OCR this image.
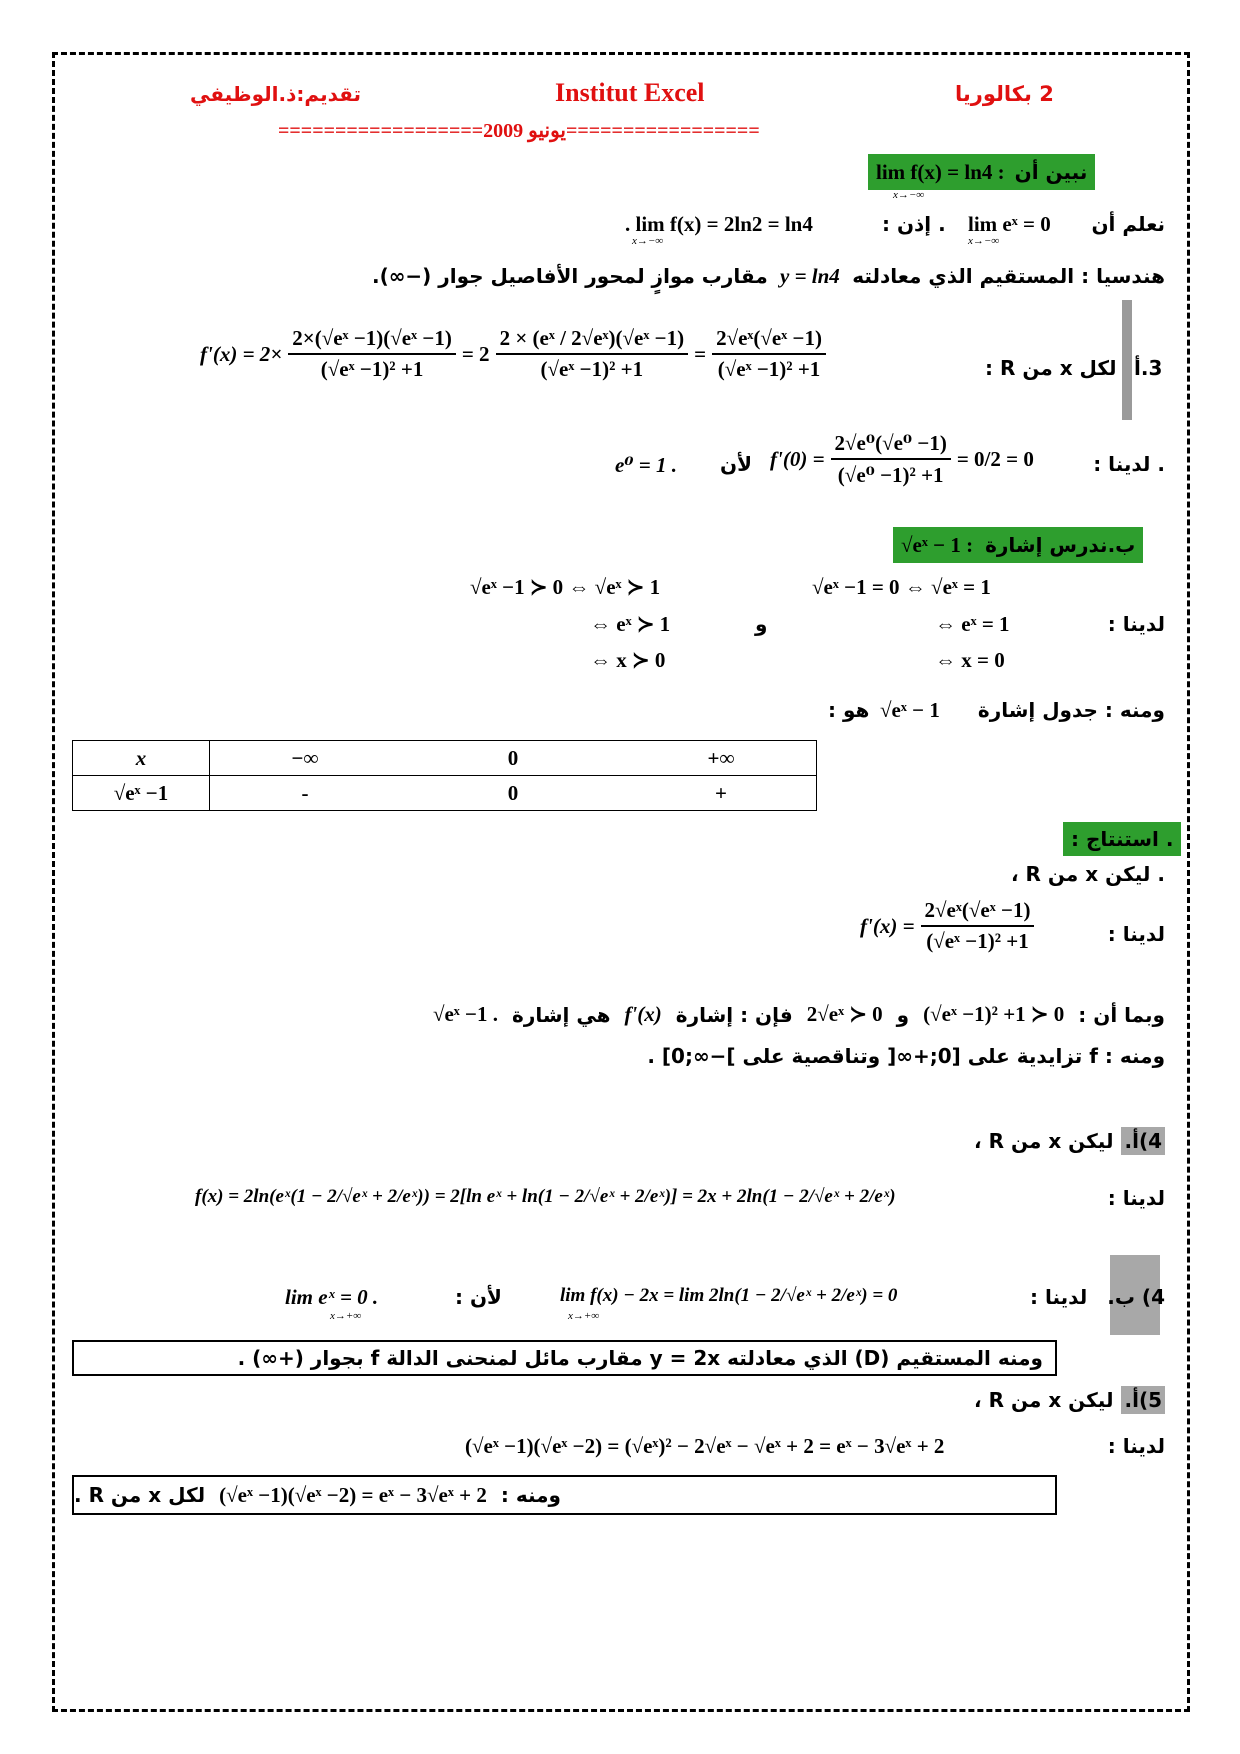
تقديم:ذ.الوظيفي	Institut Excel	2 بكالوريا
=================يونيو 2009==================
نبين أن
lim f(x) = ln4 :
x→−∞
نعلم أن
lim eˣ = 0
. إذن :
. lim f(x) = 2ln2 = ln4
x→−∞	x→−∞
هندسيا : المستقيم الذي معادلته
y = ln4
مقارب موازٍ لمحور الأفاصيل جوار (−∞).
3.أ
لكل x من R :
$f'(x) = 2\times \frac{\text{2×(√eˣ −1)(√eˣ −1)}}{\text{(√eˣ −1)² +1}} = 2 \frac{\text{2 × (eˣ / 2√eˣ)(√eˣ −1)}}{\text{(√eˣ −1)² +1}} = \frac{\text{2√eˣ(√eˣ −1)}}{\text{(√eˣ −1)² +1}}$
. لدينا :
$f'(0) = \frac{\text{2√e⁰(√e⁰ −1)}}{\text{(√e⁰ −1)² +1}} = 0/2 = 0$
لأن
e⁰ = 1 .
ب.ندرس إشارة
√eˣ − 1 :
√eˣ −1 = 0 ⇔ √eˣ = 1
√eˣ −1 ≻ 0 ⇔ √eˣ ≻ 1
لدينا :
⇔ eˣ = 1
و
⇔ eˣ ≻ 1
⇔ x = 0
⇔ x ≻ 0
ومنه : جدول إشارة
√eˣ − 1
هو :
x	−∞	0	+∞
√eˣ −1	-	0	+
. استنتاج :
. ليكن x من R ،
لدينا :
$f'(x) = \frac{\text{2√eˣ(√eˣ −1)}}{\text{(√eˣ −1)² +1}}$
وبما أن :
(√eˣ −1)² +1 ≻ 0
و
2√eˣ ≻ 0
فإن : إشارة
f'(x)
هي إشارة
√eˣ −1 .
ومنه : f تزايدية على [0;+∞[ وتناقصية على ]−∞;0] .
4)أ.
ليكن x من R ،
لدينا :
f(x) = 2ln(eˣ(1 − 2/√eˣ + 2/eˣ)) = 2[ln eˣ + ln(1 − 2/√eˣ + 2/eˣ)] = 2x + 2ln(1 − 2/√eˣ + 2/eˣ)
4) ب.
لدينا :
lim f(x) − 2x = lim 2ln(1 − 2/√eˣ + 2/eˣ) = 0
x→+∞
لأن :
lim eˣ = 0 .
x→+∞
ومنه المستقيم (D) الذي معادلته y = 2x مقارب مائل لمنحنى الدالة f بجوار (+∞) .
5)أ.
ليكن x من R ،
لدينا :
(√eˣ −1)(√eˣ −2) = (√eˣ)² − 2√eˣ − √eˣ + 2 = eˣ − 3√eˣ + 2
ومنه :
(√eˣ −1)(√eˣ −2) = eˣ − 3√eˣ + 2
لكل x من R .
